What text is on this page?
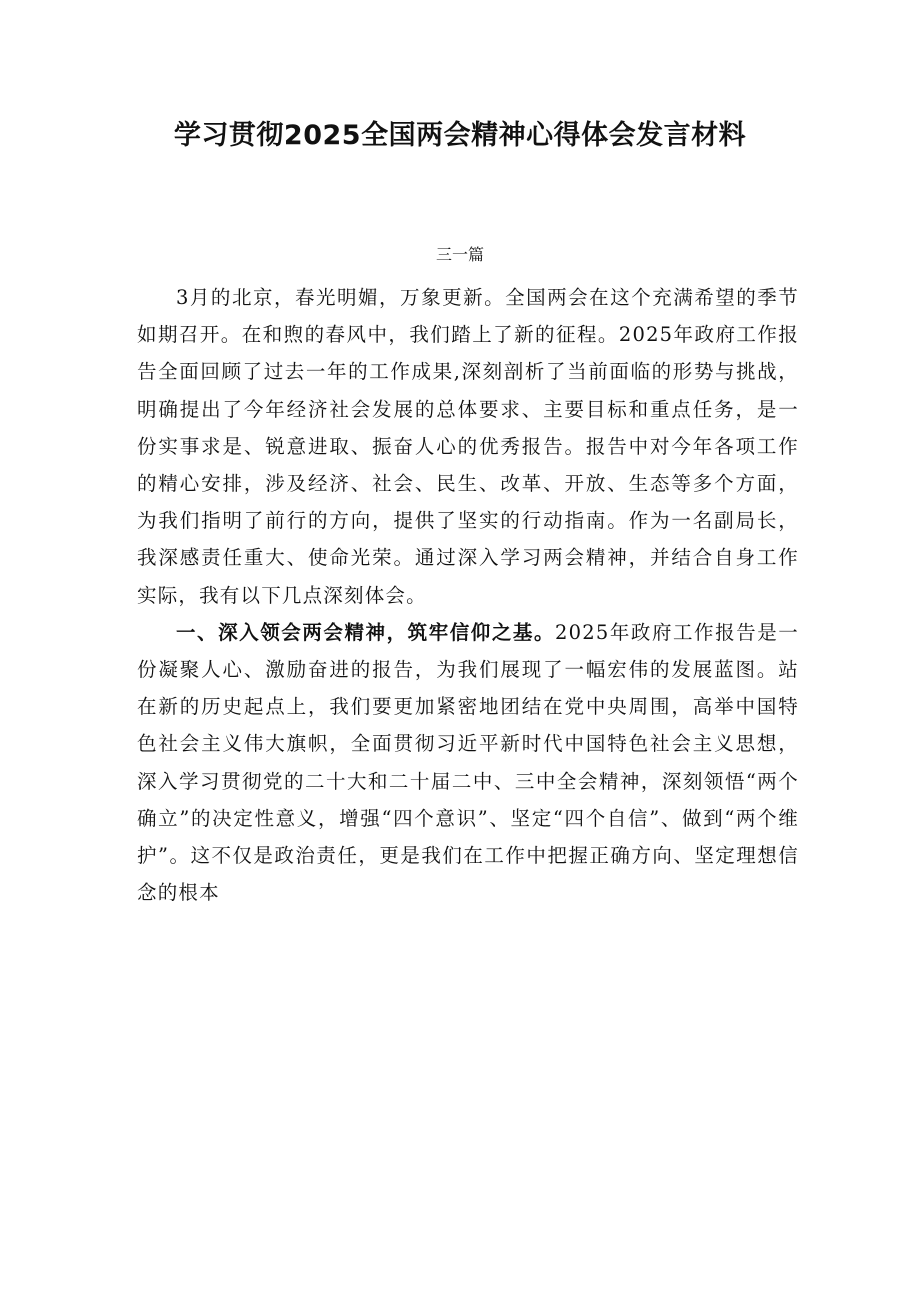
学习贯彻2025全国两会精神心得体会发言材料
三一篇

3月的北京，春光明媚，万象更新。全国两会在这个充满希望的季节如期召开。在和煦的春风中，我们踏上了新的征程。2025年政府工作报告全面回顾了过去一年的工作成果,深刻剖析了当前面临的形势与挑战，明确提出了今年经济社会发展的总体要求、主要目标和重点任务，是一份实事求是、锐意进取、振奋人心的优秀报告。报告中对今年各项工作的精心安排，涉及经济、社会、民生、改革、开放、生态等多个方面，为我们指明了前行的方向，提供了坚实的行动指南。作为一名副局长，我深感责任重大、使命光荣。通过深入学习两会精神，并结合自身工作实际，我有以下几点深刻体会。

一、深入领会两会精神，筑牢信仰之基。2025年政府工作报告是一份凝聚人心、激励奋进的报告，为我们展现了一幅宏伟的发展蓝图。站在新的历史起点上，我们要更加紧密地团结在党中央周围，高举中国特色社会主义伟大旗帜，全面贯彻习近平新时代中国特色社会主义思想，深入学习贯彻党的二十大和二十届二中、三中全会精神，深刻领悟“两个确立”的决定性意义，增强“四个意识”、坚定“四个自信”、做到“两个维护”。这不仅是政治责任，更是我们在工作中把握正确方向、坚定理想信念的根本
